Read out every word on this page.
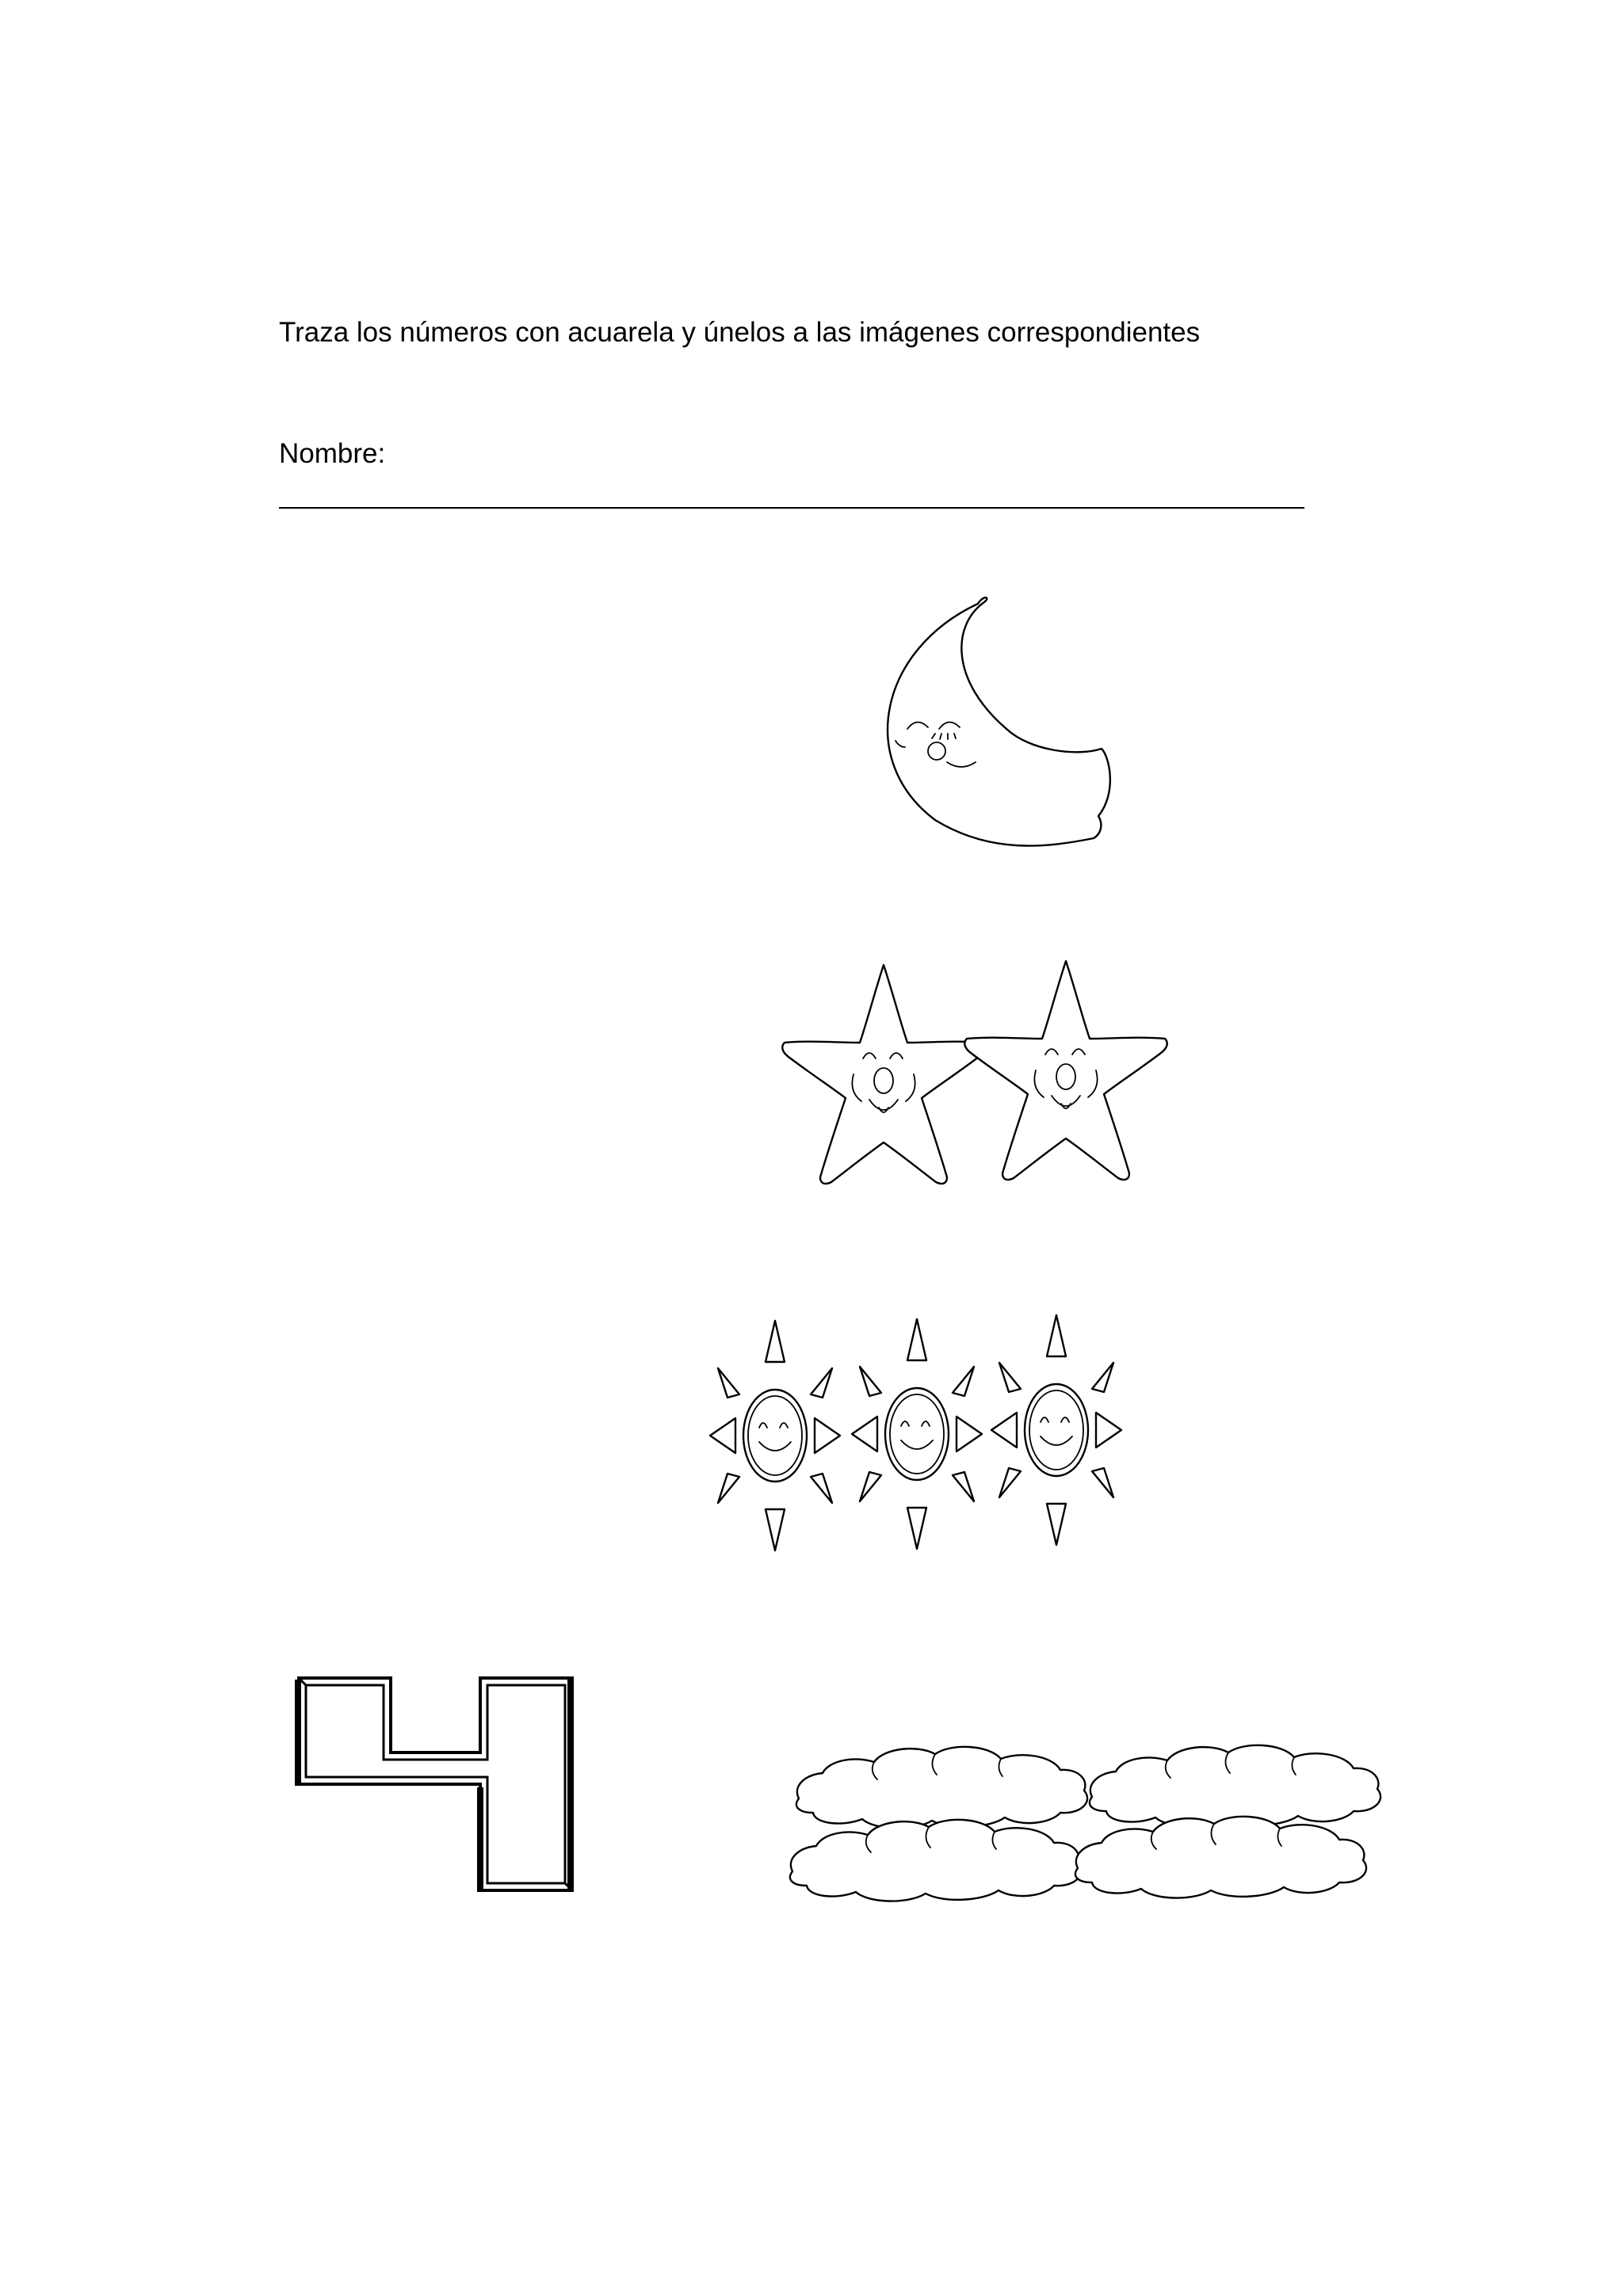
Traza los números con acuarela y únelos a las imágenes correspondientes
Nombre:
